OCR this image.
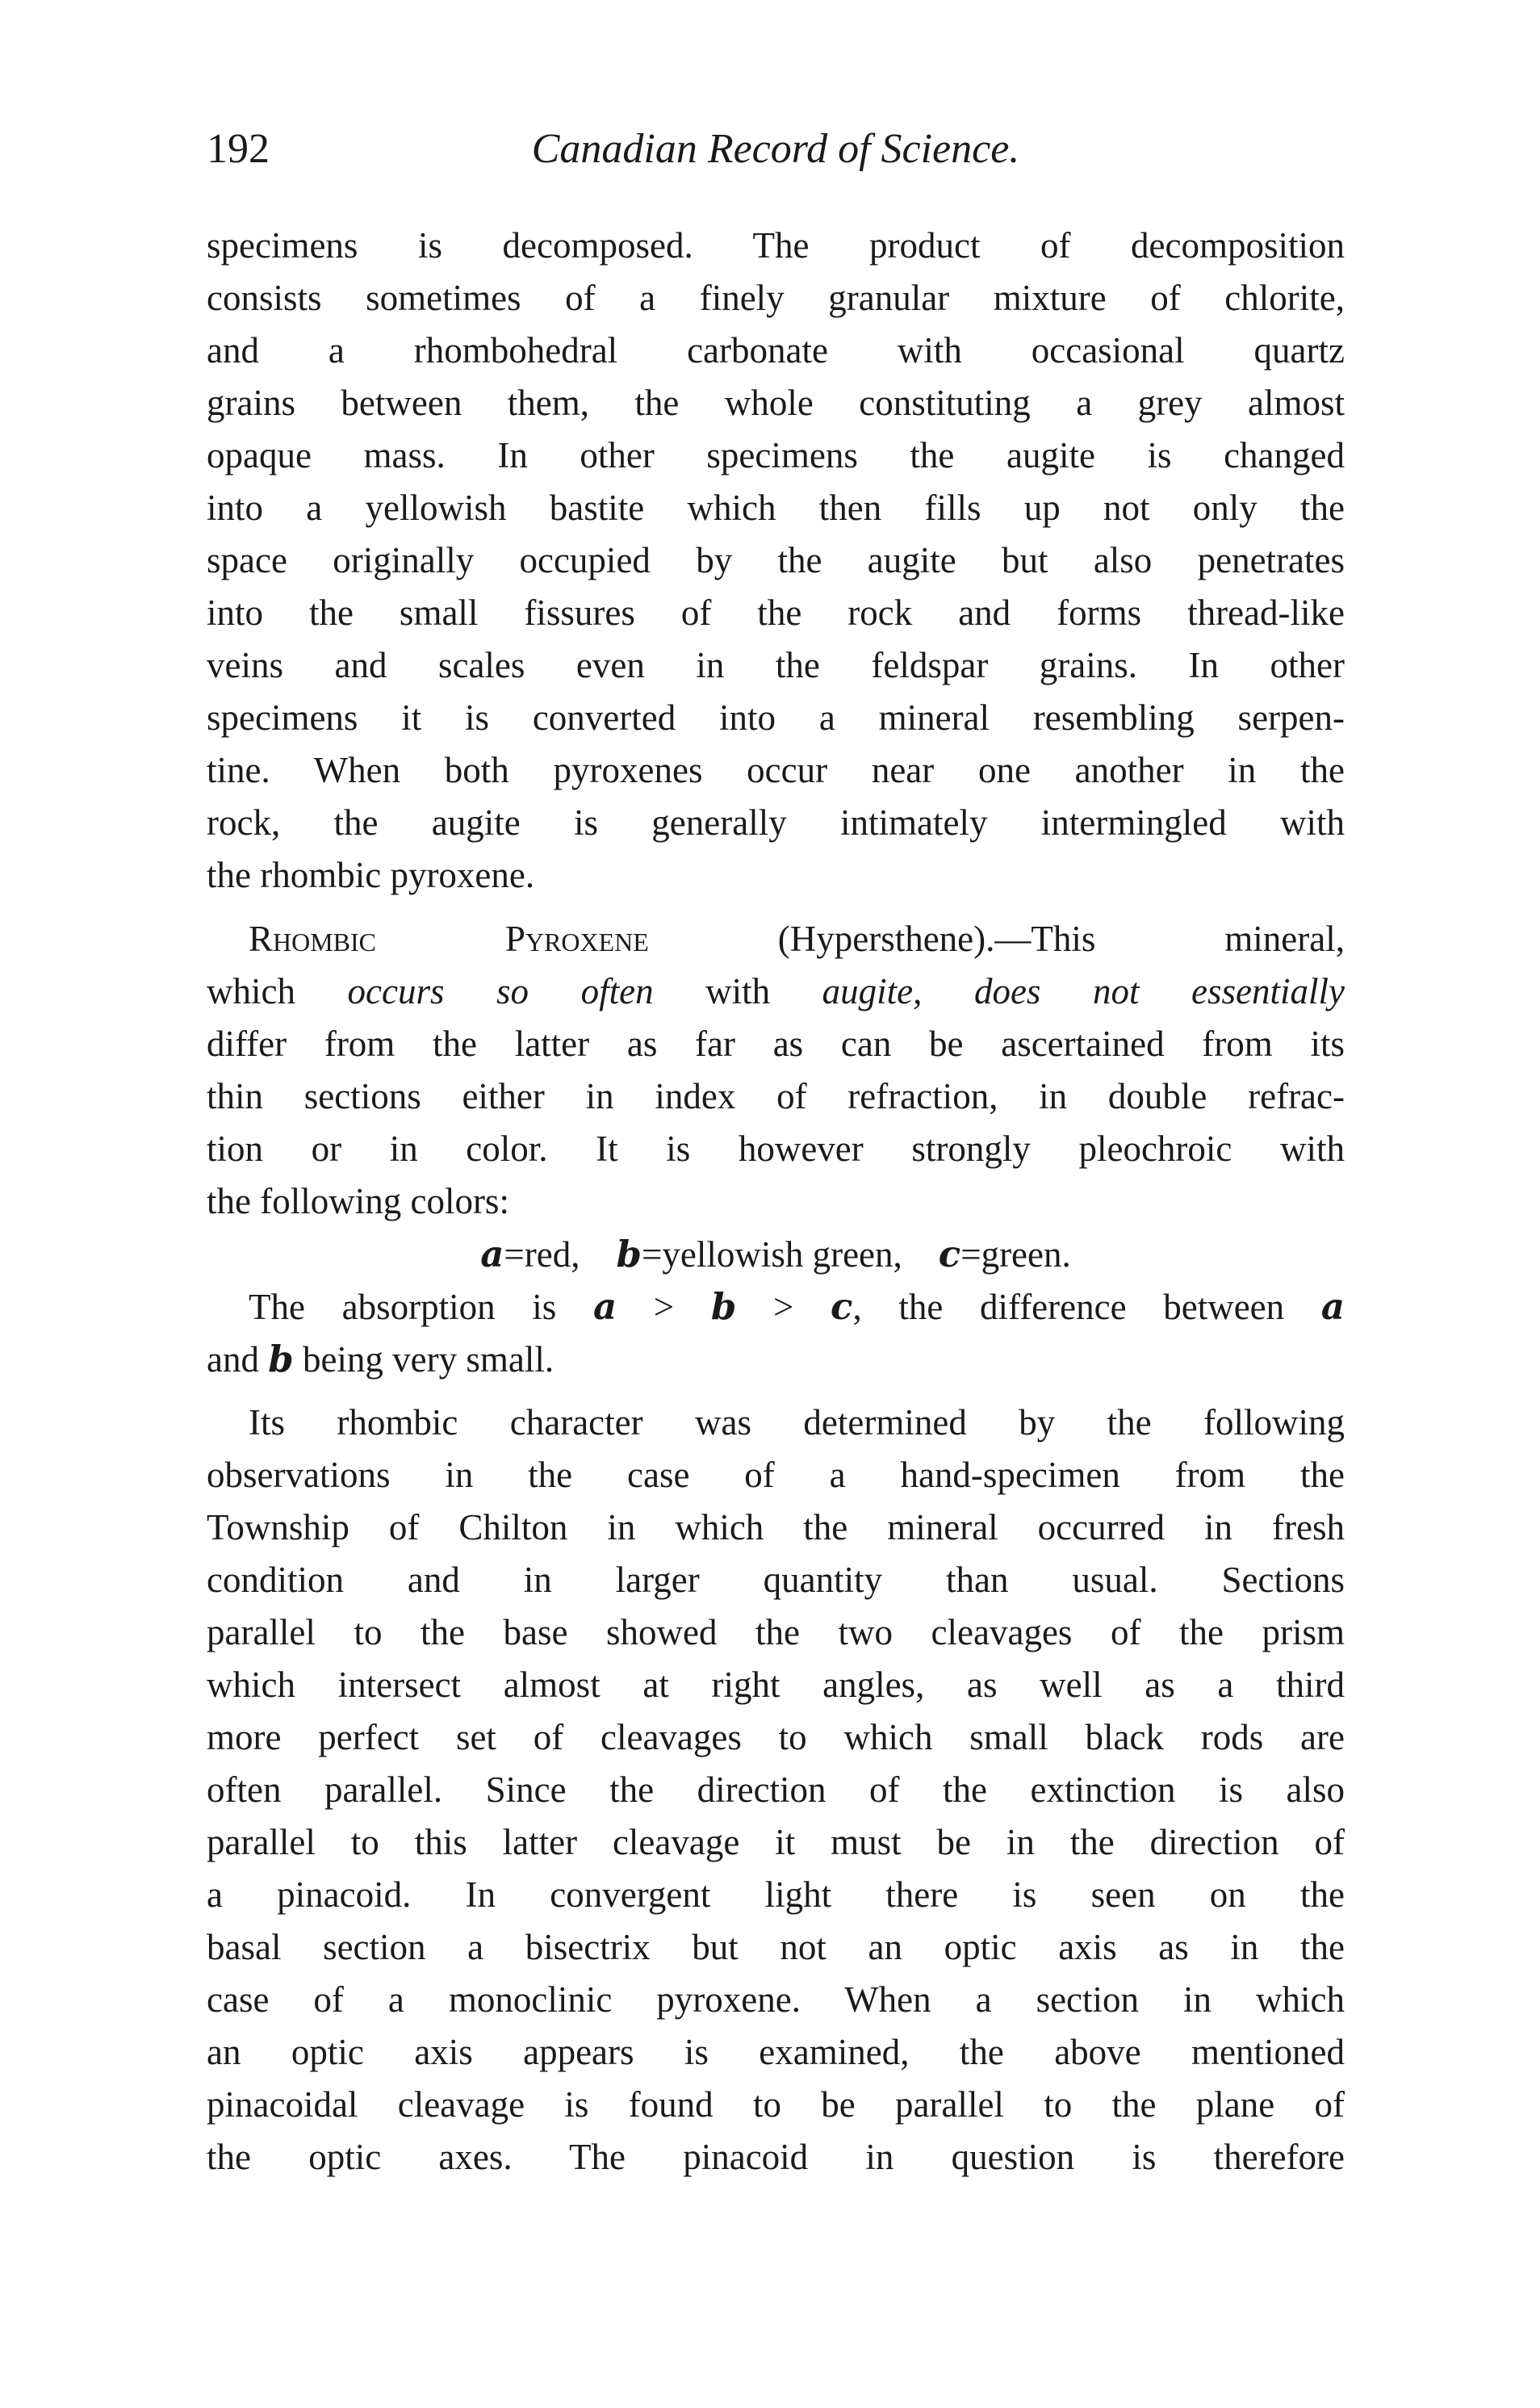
192	Canadian Record of Science.
specimens is decomposed. The product of decomposition
consists sometimes of a finely granular mixture of chlorite,
and a rhombohedral carbonate with occasional quartz
grains between them, the whole constituting a grey almost
opaque mass. In other specimens the augite is changed
into a yellowish bastite which then fills up not only the
space originally occupied by the augite but also penetrates
into the small fissures of the rock and forms thread-like
veins and scales even in the feldspar grains. In other
specimens it is converted into a mineral resembling serpen-
tine. When both pyroxenes occur near one another in the
rock, the augite is generally intimately intermingled with
the rhombic pyroxene.
Rhombic Pyroxene (Hypersthene).—This mineral,
which occurs so often with augite, does not essentially
differ from the latter as far as can be ascertained from its
thin sections either in index of refraction, in double refrac-
tion or in color. It is however strongly pleochroic with
the following colors:
a=red, b=yellowish green, c=green.
The absorption is a > b > c, the difference between a
and b being very small.
Its rhombic character was determined by the following
observations in the case of a hand-specimen from the
Township of Chilton in which the mineral occurred in fresh
condition and in larger quantity than usual. Sections
parallel to the base showed the two cleavages of the prism
which intersect almost at right angles, as well as a third
more perfect set of cleavages to which small black rods are
often parallel. Since the direction of the extinction is also
parallel to this latter cleavage it must be in the direction of
a pinacoid. In convergent light there is seen on the
basal section a bisectrix but not an optic axis as in the
case of a monoclinic pyroxene. When a section in which
an optic axis appears is examined, the above mentioned
pinacoidal cleavage is found to be parallel to the plane of
the optic axes. The pinacoid in question is therefore
